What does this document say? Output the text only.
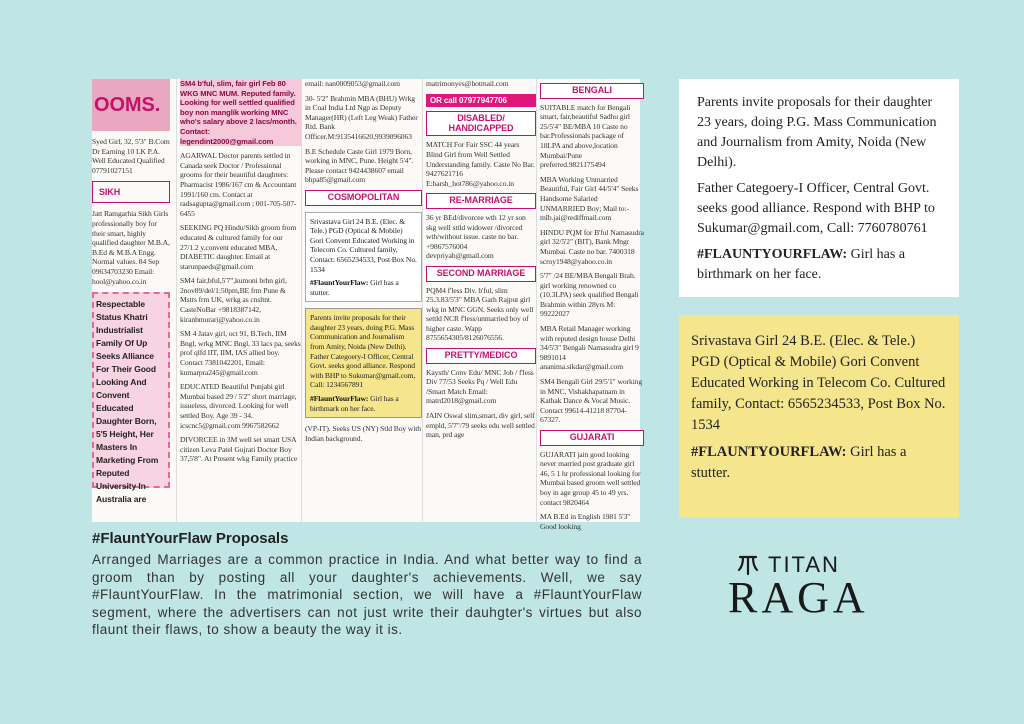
OOMS.

Syed Girl, 32, 5'3" B.Com Dr Earning 10 LK P.A. Well Educated Qualified 07791027151

SIKH

Jatt Ramgarhia Sikh Girls professionally boy for their smart, highly qualified daughter M.B.A, B.Ed & M.B.A Engg. Normal values. 84 Sep 09634703230 Email: hool@yahoo.co.in

Respectable Status Khatri Industrialist Family Of Up Seeks Alliance For Their Good Looking And Convent Educated Daughter Born, 5'5 Height, Her Masters In Marketing From Reputed University In Australia are

SM4 b'ful, slim, fair girl Feb 80 WKG MNC MUM. Reputed family. Looking for well settled qualified boy non manglik working MNC who's salary above 2 lacs/month. Contact: legendint2000@gmail.com

AGARWAL Doctor parents settled in Canada seek Doctor / Professional grooms for their beautiful daughters: Pharmacist 1986/167 cm & Accountant 1991/160 cm. Contact at radsagupta@gmail.com ; 001-705-507-6455

SEEKING PQ Hindu/Sikh groom from educated & cultured family for our 27/1.2 y.convent educated MBA, DIABETIC daughter. Email at starunpaeds@gmail.com

SM4 fair,bful,5'7",kumoni brhn girl, 2nov89/del/1:50pm,BE frm Pune & Mstrs frm UK, wrkg as cnsltnt. CasteNoBar +9818387142, kiranbmurari@yahoo.co.in

SM 4 Jatav girl, oct 91, B.Tech, IIM Bngl, wrkg MNC Bngl, 33 lacs pa, seeks prof qlfd IIT, IIM, IAS allied boy. Contact 7381042201, Email: kumarpra245@gmail.com

EDUCATED Beautiful Punjabi girl Mumbai based 29 / 5'2" short marriage, issueless, divorced. Looking for well settled Boy. Age 39 - 34. icscnc5@gmail.com 9967582662

DIVORCEE in 3M well set smart USA citizen Leva Patel Gujrati Doctor Boy 37,5'8". At Present wkg Family practice

email: nan0009053@gmail.com

30- 5'2" Brahmin MBA (BHU) Wrkg in Coal India Ltd Ngp as Deputy Manager(HR) (Left Leg Weak) Father Rtd. Bank Officer.M:9135416620,9939096063

B.E Schedule Caste Girl 1979 Born, working in MNC, Pune. Height 5'4". Please contact 9424438607 email bhpa85@gmail.com

COSMOPOLITAN
Srivastava Girl 24 B.E. (Elec. & Tele.) PGD (Optical & Mobile) Gori Convent Educated Working in Telecom Co. Cultured family, Contact: 6565234533, Post Box No. 1534
#FlauntYourFlaw: Girl has a stutter.
Parents invite proposals for their daughter 23 years, doing P.G. Mass Communication and Journalism from Amity, Noida (New Delhi). Father Categoery-I Officer, Central Govt. seeks good alliance. Respond with BHP to Sukumar@gmail.com, Call: 1234567891
#FlauntYourFlaw: Girl has a birthmark on her face.

(VP-IT). Seeks US (NY) Stld Boy with Indian background.

matrimonyes@hotmail.com

OR call 07977947706
DISABLED/ HANDICAPPED

MATCH For Fair SSC 44 years Blind Girl from Well Settled Understanding family. Caste No Bar. 9427621716 E:harsh_hot786@yahoo.co.in

RE-MARRIAGE

36 yr BEd/divorcee wth 12 yr son skg well sttld widower /divorced wth/without issue. caste no bar. +9867576004 devpriyab@gmail.com

SECOND MARRIAGE

PQM4 f'less Div. b'ful, slim 25.3.83/5'3" MBA Garh Rajput girl wkg in MNC GGN. Seeks only well settld NCR f'less/unmarried boy of higher caste. Wapp 8755654305/8126076556.

PRETTY/MEDICO

Kaysth/ Conv Edu/ MNC Job / f'less Div 77/53 Seeks Pq / Well Edu /Smart Match Email: matrd2018@gmail.com

JAIN Oswal slim,smart, div girl, self empld, 5'7"/79 seeks edu well settled man, prd age

BENGALI

SUITABLE match for Bengali smart, fair,beautiful Sadhu girl 25/5'4" BE/MBA 10 Caste no bar.Professionals package of 18LPA and above,location Mumbai/Pune preferred.9821175494

MBA Working Unmarried Beautiful, Fair Girl 44/5'4" Seeks Handsome Salaried UNMARRIED Boy; Mail to:- mlb.jai@rediffmail.com

HINDU PQM for B'ful Namasudra girl 32/5'2" (BIT), Bank Mngr Mumbai. Caste no bar. 7400318 scroy1948@yahoo.co.in

5'7" /24 BE/MBA Bengali Brah. girl working renowned co (10.3LPA) seek qualified Bengali Brahmin within 28yrs M: 99222027

MBA Retail Manager working with reputed design house Delhi 34/5'3" Bengali Namasudra girl 9 9891014 ananima.sikdar@gmail.com

SM4 Bengali Girl 29/5'1" working in MNC, Vishakhapatnam in Kathak Dance & Vocal Music. Contact 99614-41218 87704-67327.

GUJARATI

GUJARATI jain good looking never married post graduate girl 46, 5 1 hr professional looking for Mumbai based groom well settled boy in age group 45 to 49 yrs. contact 9820464

MA B.Ed in English 1981 5'3" Good looking

Parents invite proposals for their daughter 23 years, doing P.G. Mass Communication and Journalism from Amity, Noida (New Delhi).

Father Categoery-I Officer, Central Govt. seeks good alliance. Respond with BHP to Sukumar@gmail.com, Call: 7760780761

#FLAUNTYOURFLAW: Girl has a birthmark on her face.

Srivastava Girl 24 B.E. (Elec. & Tele.) PGD (Optical & Mobile) Gori Convent Educated Working in Telecom Co. Cultured family, Contact: 6565234533, Post Box No. 1534

#FLAUNTYOURFLAW: Girl has a stutter.

#FlauntYourFlaw Proposals
Arranged Marriages are a common practice in India. And what better way to find a groom than by posting all your daughter's achievements. Well, we say #FlauntYourFlaw. In the matrimonial section, we will have a #FlauntYourFlaw segment, where the advertisers can not just write their dauhgter's virtues but also flaunt their flaws, to show a beauty the way it is.
TITAN
RAGA
